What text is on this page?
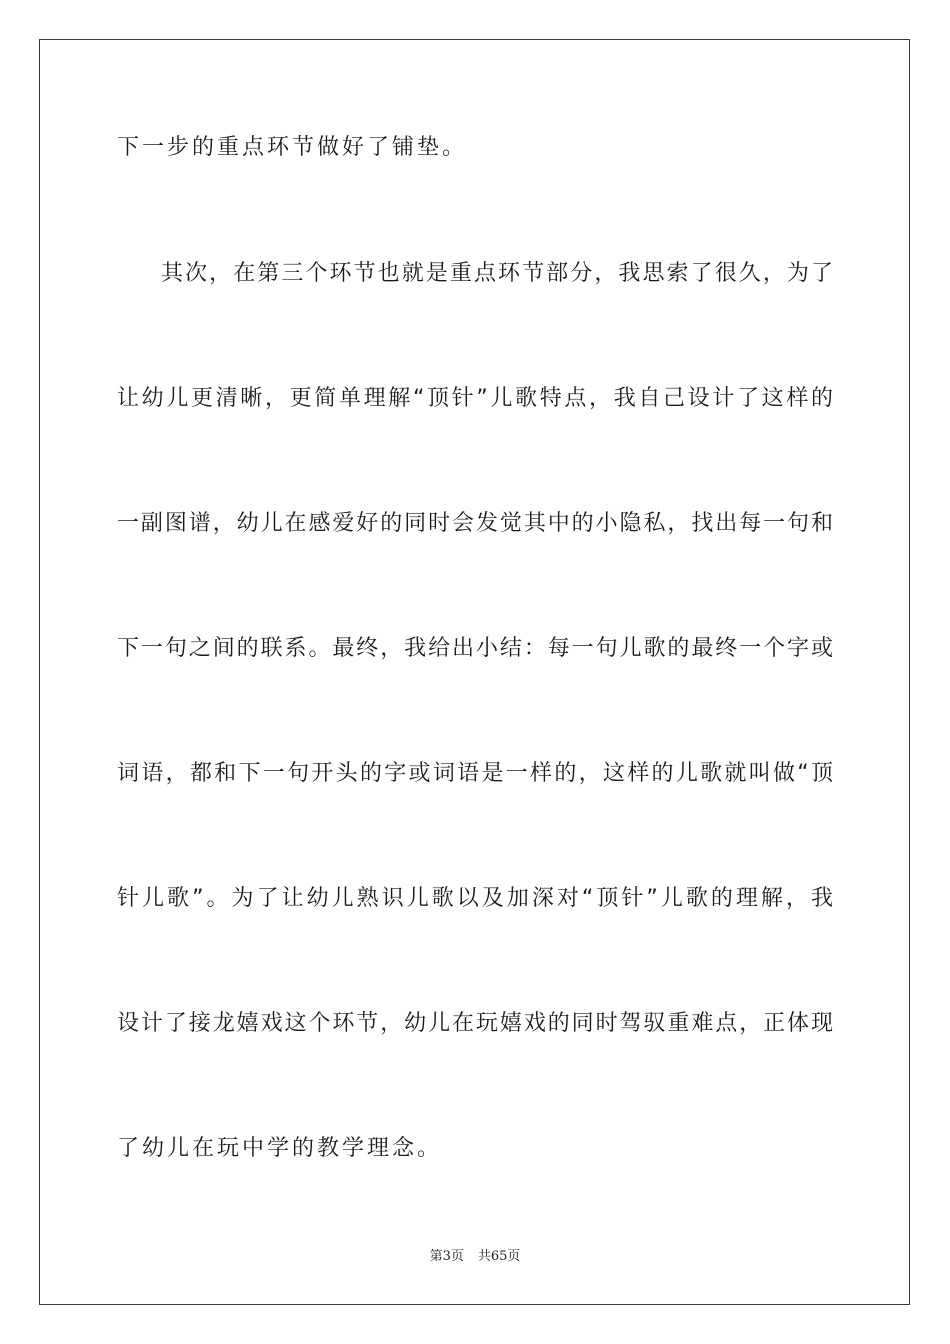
下一步的重点环节做好了铺垫。
其次，在第三个环节也就是重点环节部分，我思索了很久，为了
让幼儿更清晰，更简单理解“顶针”儿歌特点，我自己设计了这样的
一副图谱，幼儿在感爱好的同时会发觉其中的小隐私，找出每一句和
下一句之间的联系。最终，我给出小结：每一句儿歌的最终一个字或
词语，都和下一句开头的字或词语是一样的，这样的儿歌就叫做“顶
针儿歌”。为了让幼儿熟识儿歌以及加深对“顶针”儿歌的理解，我
设计了接龙嬉戏这个环节，幼儿在玩嬉戏的同时驾驭重难点，正体现
了幼儿在玩中学的教学理念。
第3页 共65页
